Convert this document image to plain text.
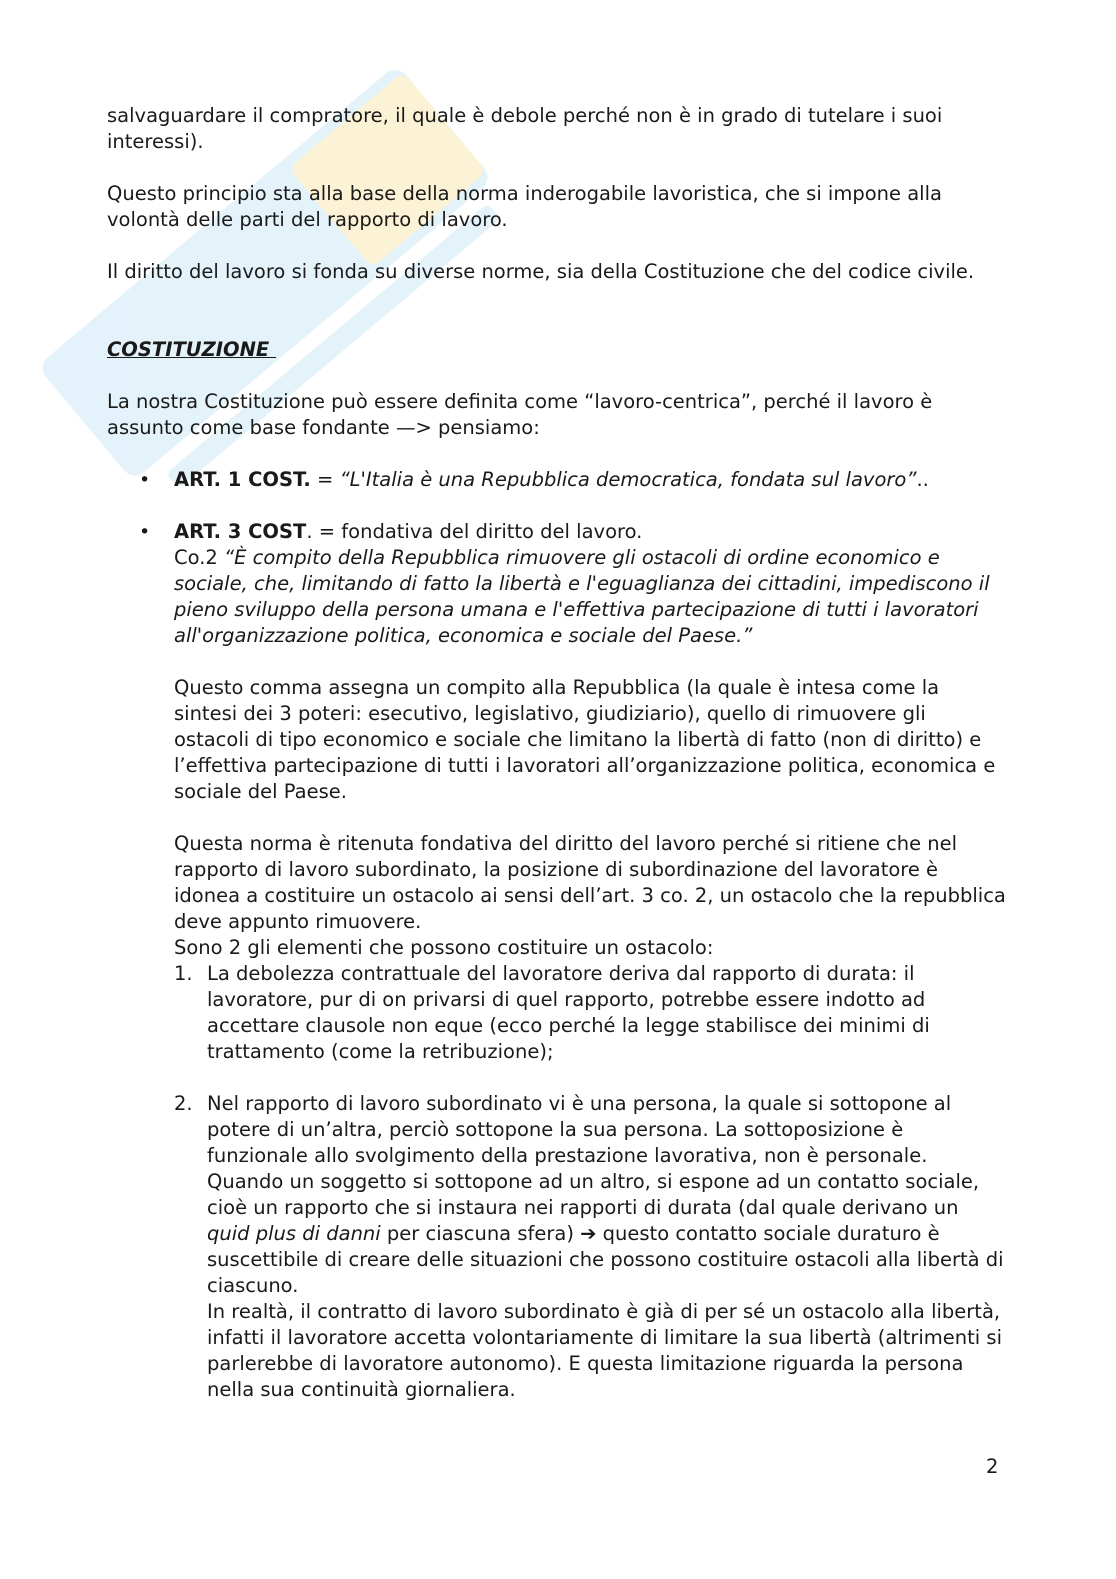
salvaguardare il compratore, il quale è debole perché non è in grado di tutelare i suoi interessi).

Questo principio sta alla base della norma inderogabile lavoristica, che si impone alla volontà delle parti del rapporto di lavoro.

Il diritto del lavoro si fonda su diverse norme, sia della Costituzione che del codice civile.

COSTITUZIONE

La nostra Costituzione può essere definita come “lavoro-centrica”, perché il lavoro è assunto come base fondante —> pensiamo:

• ART. 1 COST. = “L'Italia è una Repubblica democratica, fondata sul lavoro”..

• ART. 3 COST. = fondativa del diritto del lavoro.

Co.2 “È compito della Repubblica rimuovere gli ostacoli di ordine economico e sociale, che, limitando di fatto la libertà e l'eguaglianza dei cittadini, impediscono il pieno sviluppo della persona umana e l'effettiva partecipazione di tutti i lavoratori all'organizzazione politica, economica e sociale del Paese.”

Questo comma assegna un compito alla Repubblica (la quale è intesa come la sintesi dei 3 poteri: esecutivo, legislativo, giudiziario), quello di rimuovere gli ostacoli di tipo economico e sociale che limitano la libertà di fatto (non di diritto) e l’effettiva partecipazione di tutti i lavoratori all’organizzazione politica, economica e sociale del Paese.

Questa norma è ritenuta fondativa del diritto del lavoro perché si ritiene che nel rapporto di lavoro subordinato, la posizione di subordinazione del lavoratore è idonea a costituire un ostacolo ai sensi dell’art. 3 co. 2, un ostacolo che la repubblica deve appunto rimuovere.

Sono 2 gli elementi che possono costituire un ostacolo:

1. La debolezza contrattuale del lavoratore deriva dal rapporto di durata: il lavoratore, pur di on privarsi di quel rapporto, potrebbe essere indotto ad accettare clausole non eque (ecco perché la legge stabilisce dei minimi di trattamento (come la retribuzione);
2. Nel rapporto di lavoro subordinato vi è una persona, la quale si sottopone al potere di un’altra, perciò sottopone la sua persona. La sottoposizione è funzionale allo svolgimento della prestazione lavorativa, non è personale. Quando un soggetto si sottopone ad un altro, si espone ad un contatto sociale, cioè un rapporto che si instaura nei rapporti di durata (dal quale derivano un quid plus di danni per ciascuna sfera) ➔ questo contatto sociale duraturo è suscettibile di creare delle situazioni che possono costituire ostacoli alla libertà di ciascuno.

In realtà, il contratto di lavoro subordinato è già di per sé un ostacolo alla libertà, infatti il lavoratore accetta volontariamente di limitare la sua libertà (altrimenti si parlerebbe di lavoratore autonomo). E questa limitazione riguarda la persona nella sua continuità giornaliera.

2
